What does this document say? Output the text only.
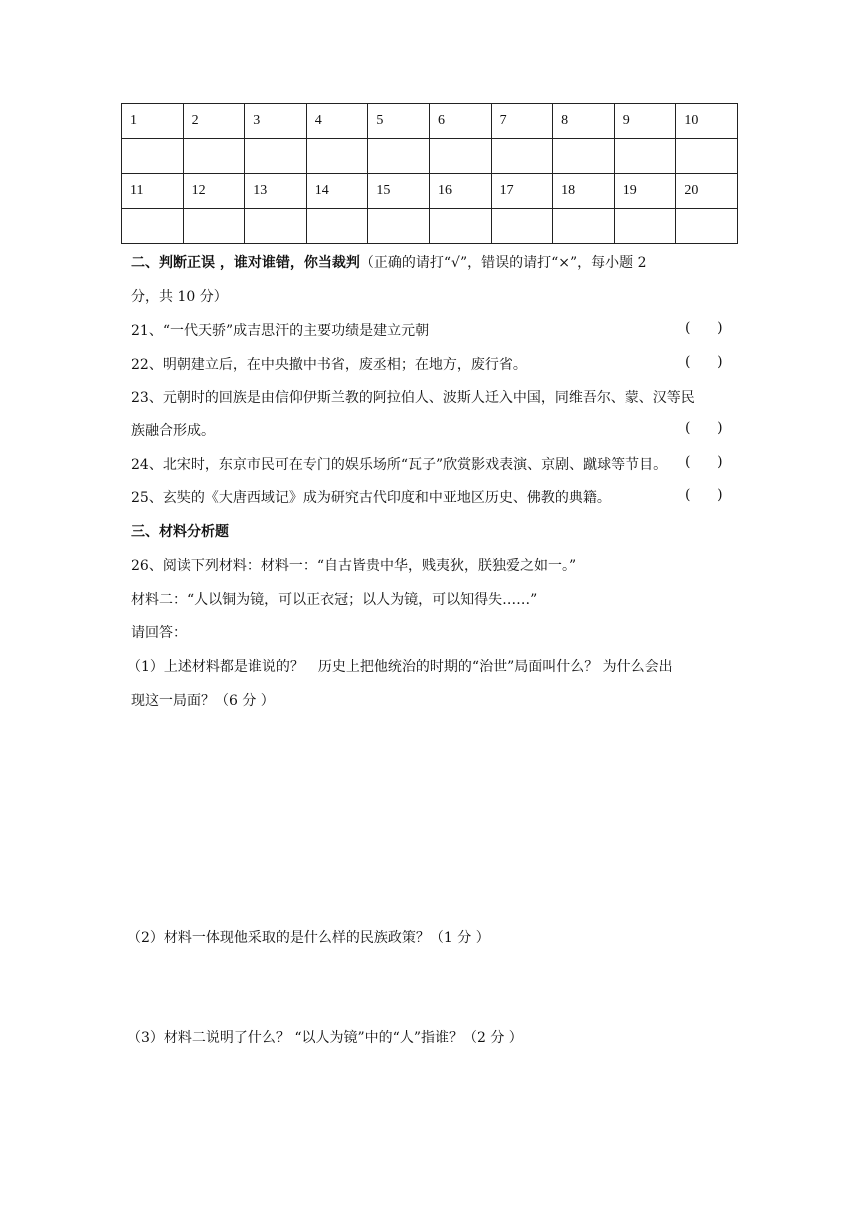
1	2	3	4	5	6	7	8	9	10

11	12	13	14	15	16	17	18	19	20

二、判断正误 ，谁对谁错，你当裁判（正确的请打“√”，错误的请打“×”，每小题 2
分，共 10 分）
21、“一代天骄”成吉思汗的主要功绩是建立元朝	(      )
22、明朝建立后，在中央撤中书省，废丞相；在地方，废行省。	(      )
23、元朝时的回族是由信仰伊斯兰教的阿拉伯人、波斯人迁入中国，同维吾尔、蒙、汉等民
族融合形成。	(      )
24、北宋时，东京市民可在专门的娱乐场所“瓦子”欣赏影戏表演、京剧、蹴球等节目。 (      )
25、玄奘的《大唐西域记》成为研究古代印度和中亚地区历史、佛教的典籍。	(      )
三、材料分析题
26、阅读下列材料：材料一：“自古皆贵中华，贱夷狄，朕独爱之如一。”
材料二：“人以铜为镜，可以正衣冠；以人为镜，可以知得失……”
请回答：
（1）上述材料都是谁说的？　历史上把他统治的时期的“治世”局面叫什么？ 为什么会出
现这一局面？（6 分 ）
（2）材料一体现他采取的是什么样的民族政策？（1 分 ）
（3）材料二说明了什么？ “以人为镜”中的“人”指谁？（2 分 ）
